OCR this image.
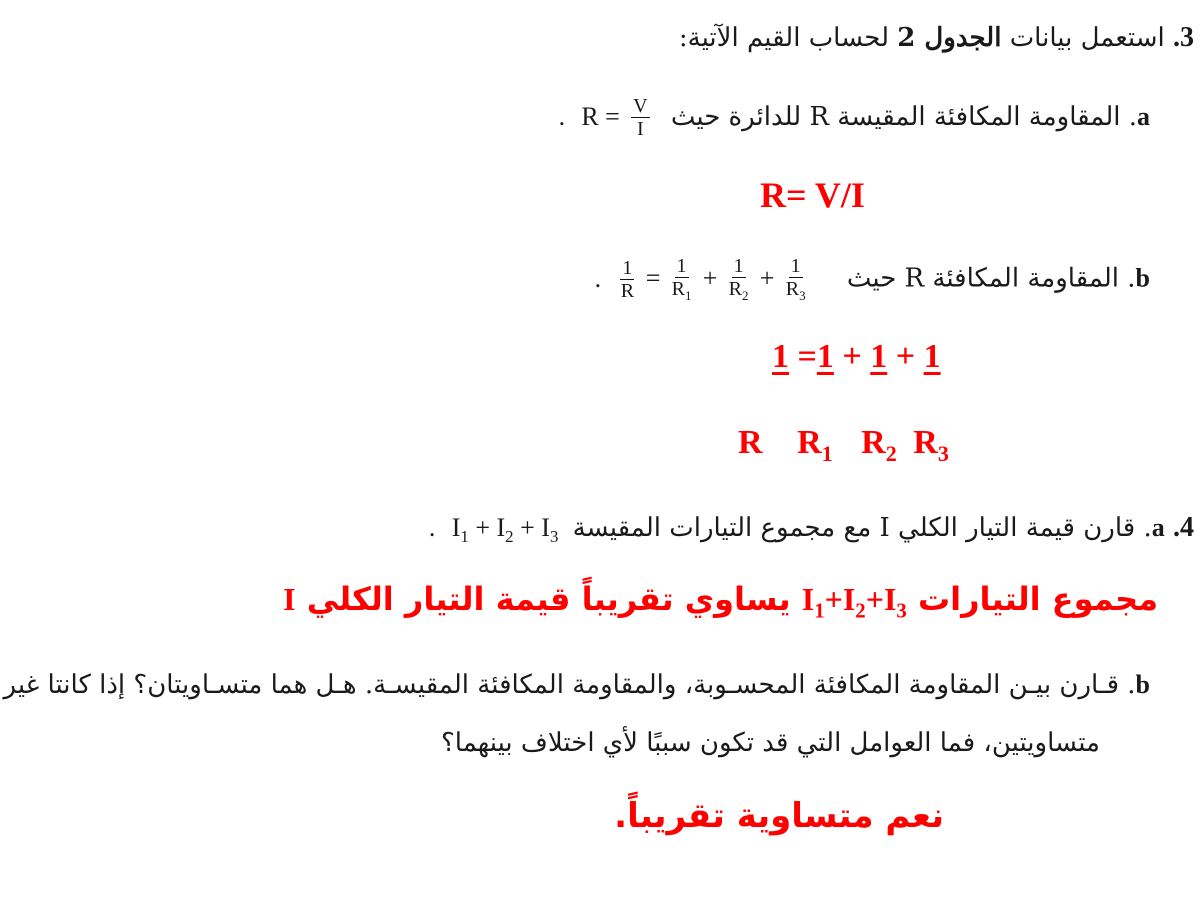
3. استعمل بيانات الجدول 2 لحساب القيم الآتية:
a. المقاومة المكافئة المقيسة R للدائرة حيث $R = \frac{V}{I}$
.
R= V/I
b. المقاومة المكافئة R حيث
$\frac{1}{R} = \frac{1}{R_1} + \frac{1}{R_2} + \frac{1}{R_3}$
.
1 =1 + 1 + 1
R $R_1$ $R_2$ $R_3$
4. a. قارن قيمة التيار الكلي I مع مجموع التيارات المقيسة $I_1 + I_2 + I_3$ .
مجموع التيارات $I_1+I_2+I_3$ يساوي تقريباً قيمة التيار الكلي I
b. قـارن بيـن المقاومة المكافئة المحسـوبة، والمقاومة المكافئة المقيسـة. هـل هما متسـاويتان؟ إذا كانتا غير
متساويتين، فما العوامل التي قد تكون سببًا لأي اختلاف بينهما؟
نعم متساوية تقريباً.
